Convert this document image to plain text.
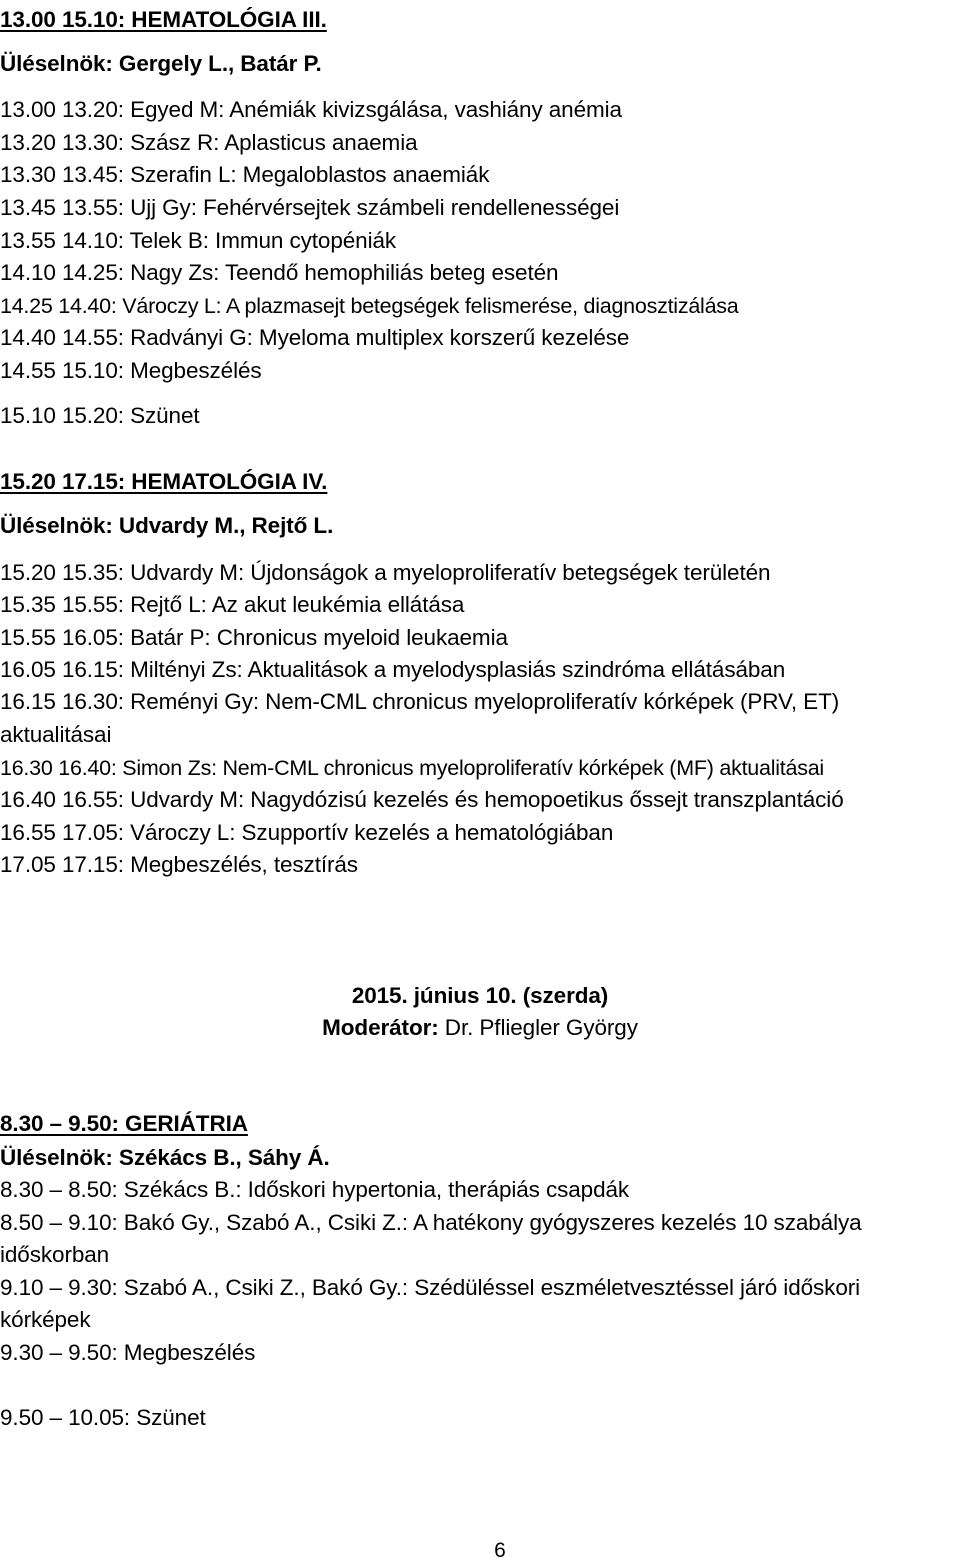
13.00 15.10: HEMATOLÓGIA III.
Üléselnök: Gergely L., Batár P.
13.00 13.20: Egyed M: Anémiák kivizsgálása, vashiány anémia
13.20 13.30: Szász R: Aplasticus anaemia
13.30 13.45: Szerafin L: Megaloblastos anaemiák
13.45 13.55: Ujj Gy: Fehérvérsejtek számbeli rendellenességei
13.55 14.10: Telek B: Immun cytopéniák
14.10 14.25: Nagy Zs: Teendő hemophiliás beteg esetén
14.25 14.40: Vároczy L: A plazmasejt betegségek felismerése, diagnosztizálása
14.40 14.55: Radványi G: Myeloma multiplex korszerű kezelése
14.55 15.10: Megbeszélés
15.10 15.20: Szünet
15.20 17.15: HEMATOLÓGIA IV.
Üléselnök: Udvardy M., Rejtő L.
15.20 15.35: Udvardy M: Újdonságok a myeloproliferatív betegségek területén
15.35 15.55: Rejtő L: Az akut leukémia ellátása
15.55 16.05: Batár P: Chronicus myeloid leukaemia
16.05 16.15: Miltényi Zs: Aktualitások a myelodysplasiás szindróma ellátásában
16.15 16.30: Reményi Gy: Nem-CML chronicus myeloproliferatív kórképek (PRV, ET)
aktualitásai
16.30 16.40: Simon Zs: Nem-CML chronicus myeloproliferatív kórképek (MF) aktualitásai
16.40 16.55: Udvardy M: Nagydózisú kezelés és hemopoetikus őssejt transzplantáció
16.55 17.05: Vároczy L: Szupportív kezelés a hematológiában
17.05 17.15: Megbeszélés, tesztírás
2015. június 10. (szerda)
Moderátor: Dr. Pfliegler György
8.30 – 9.50: GERIÁTRIA
Üléselnök: Székács B., Sáhy Á.
8.30 – 8.50: Székács B.: Időskori hypertonia, therápiás csapdák
8.50 – 9.10: Bakó Gy., Szabó A., Csiki Z.: A hatékony gyógyszeres kezelés 10 szabálya
időskorban
9.10 – 9.30: Szabó A., Csiki Z., Bakó Gy.: Szédüléssel eszméletvesztéssel járó időskori
kórképek
9.30 – 9.50: Megbeszélés
9.50 – 10.05: Szünet
6
